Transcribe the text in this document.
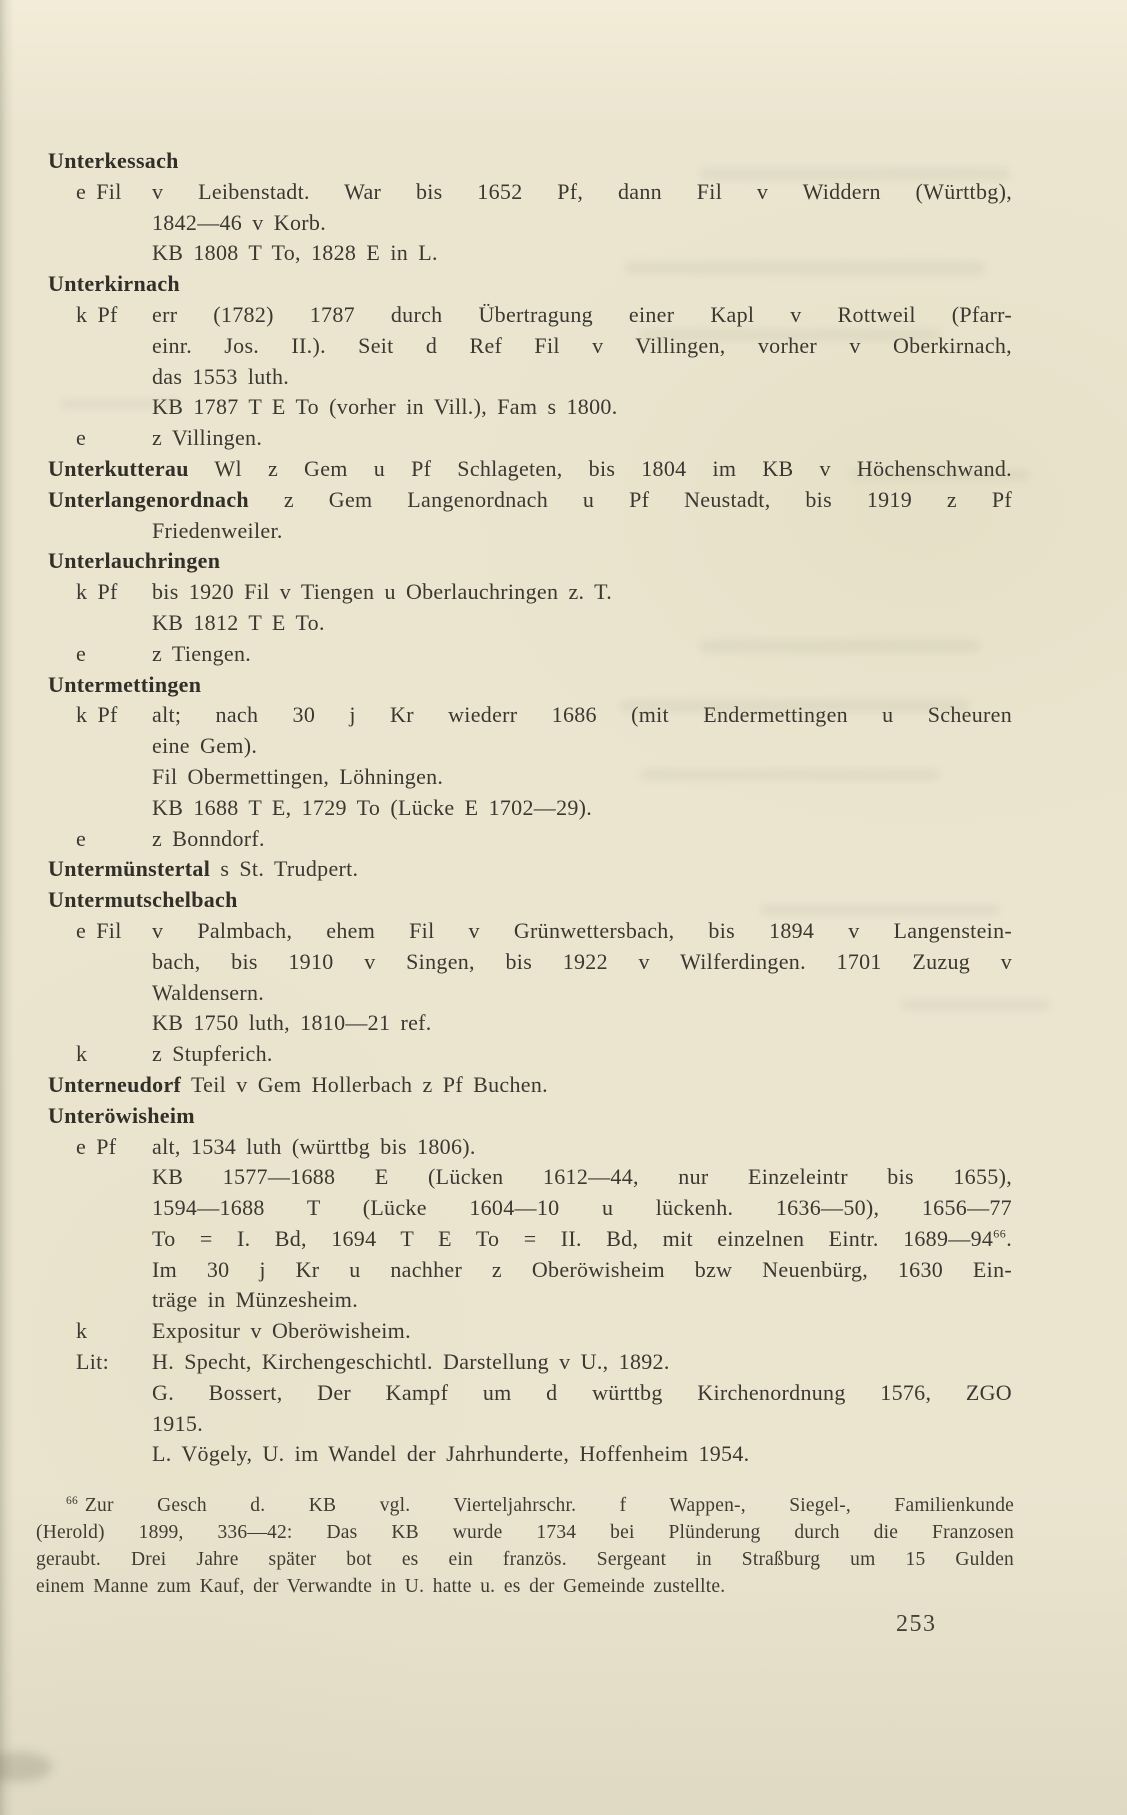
Unterkessach
e Fil v Leibenstadt. War bis 1652 Pf, dann Fil v Widdern (Württbg),
1842—46 v Korb.
KB 1808 T To, 1828 E in L.
Unterkirnach
k Pf err (1782) 1787 durch Übertragung einer Kapl v Rottweil (Pfarr-
einr. Jos. II.). Seit d Ref Fil v Villingen, vorher v Oberkirnach,
das 1553 luth.
KB 1787 T E To (vorher in Vill.), Fam s 1800.
e	z Villingen.
Unterkutterau Wl z Gem u Pf Schlageten, bis 1804 im KB v Höchenschwand.
Unterlangenordnach z Gem Langenordnach u Pf Neustadt, bis 1919 z Pf
Friedenweiler.
Unterlauchringen
k Pf bis 1920 Fil v Tiengen u Oberlauchringen z. T.
KB 1812 T E To.
e	z Tiengen.
Untermettingen
k Pf alt; nach 30 j Kr wiederr 1686 (mit Endermettingen u Scheuren
eine Gem).
Fil Obermettingen, Löhningen.
KB 1688 T E, 1729 To (Lücke E 1702—29).
e	z Bonndorf.
Untermünstertal s St. Trudpert.
Untermutschelbach
e Fil v Palmbach, ehem Fil v Grünwettersbach, bis 1894 v Langenstein-
bach, bis 1910 v Singen, bis 1922 v Wilferdingen. 1701 Zuzug v
Waldensern.
KB 1750 luth, 1810—21 ref.
k	z Stupferich.
Unterneudorf Teil v Gem Hollerbach z Pf Buchen.
Unteröwisheim
e Pf alt, 1534 luth (württbg bis 1806).
KB 1577—1688 E (Lücken 1612—44, nur Einzeleintr bis 1655),
1594—1688 T (Lücke 1604—10 u lückenh. 1636—50), 1656—77
To = I. Bd, 1694 T E To = II. Bd, mit einzelnen Eintr. 1689—94$^{66}$.
Im 30 j Kr u nachher z Oberöwisheim bzw Neuenbürg, 1630 Ein-
träge in Münzesheim.
k	Expositur v Oberöwisheim.
Lit: H. Specht, Kirchengeschichtl. Darstellung v U., 1892.
G. Bossert, Der Kampf um d württbg Kirchenordnung 1576, ZGO
1915.
L. Vögely, U. im Wandel der Jahrhunderte, Hoffenheim 1954.
$^{66}$ Zur Gesch d. KB vgl. Vierteljahrschr. f Wappen-, Siegel-, Familienkunde
(Herold) 1899, 336—42: Das KB wurde 1734 bei Plünderung durch die Franzosen
geraubt. Drei Jahre später bot es ein französ. Sergeant in Straßburg um 15 Gulden
einem Manne zum Kauf, der Verwandte in U. hatte u. es der Gemeinde zustellte.
253
